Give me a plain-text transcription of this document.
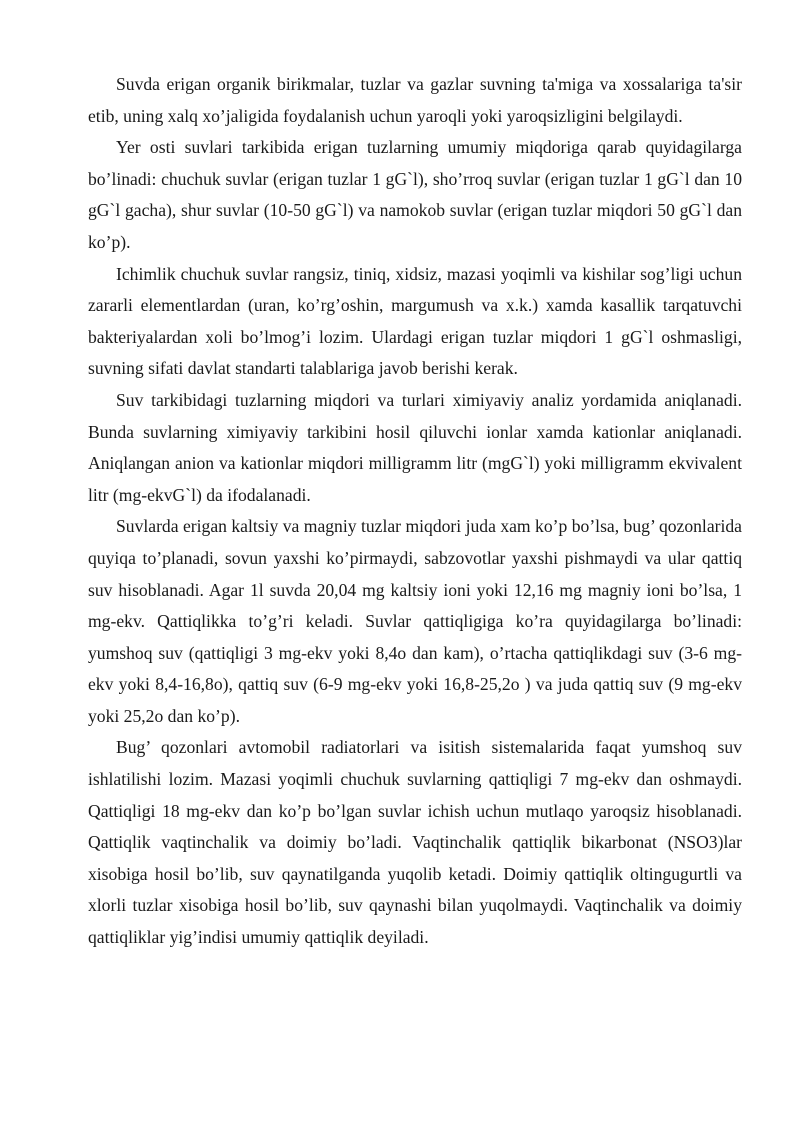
Suvda erigan organik birikmalar, tuzlar va gazlar suvning ta'miga va xossalariga ta'sir etib, uning xalq xo’jaligida foydalanish uchun yaroqli yoki yaroqsizligini belgilaydi.

Yer osti suvlari tarkibida erigan tuzlarning umumiy miqdoriga qarab quyidagilarga bo’linadi: chuchuk suvlar (erigan tuzlar 1 gG`l), sho’rroq suvlar (erigan tuzlar 1 gG`l dan 10 gG`l gacha), shur suvlar (10-50 gG`l) va namokob suvlar (erigan tuzlar miqdori 50 gG`l dan ko’p).

Ichimlik chuchuk suvlar rangsiz, tiniq, xidsiz, mazasi yoqimli va kishilar sog’ligi uchun zararli elementlardan (uran, ko’rg’oshin, margumush va x.k.) xamda kasallik tarqatuvchi bakteriyalardan xoli bo’lmog’i lozim. Ulardagi erigan tuzlar miqdori 1 gG`l oshmasligi, suvning sifati davlat standarti talablariga javob berishi kerak.

Suv tarkibidagi tuzlarning miqdori va turlari ximiyaviy analiz yordamida aniqlanadi. Bunda suvlarning ximiyaviy tarkibini hosil qiluvchi ionlar xamda kationlar aniqlanadi. Aniqlangan anion va kationlar miqdori milligramm litr (mgG`l) yoki milligramm ekvivalent litr (mg-ekvG`l) da ifodalanadi.

Suvlarda erigan kaltsiy va magniy tuzlar miqdori juda xam ko’p bo’lsa, bug’ qozonlarida quyiqa to’planadi, sovun yaxshi ko’pirmaydi, sabzovotlar yaxshi pishmaydi va ular qattiq suv hisoblanadi. Agar 1l suvda 20,04 mg kaltsiy ioni yoki 12,16 mg magniy ioni bo’lsa, 1 mg-ekv. Qattiqlikka to’g’ri keladi. Suvlar qattiqligiga ko’ra quyidagilarga bo’linadi: yumshoq suv (qattiqligi 3 mg-ekv yoki 8,4o dan kam), o’rtacha qattiqlikdagi suv (3-6 mg-ekv yoki 8,4-16,8o), qattiq suv (6-9 mg-ekv yoki 16,8-25,2o ) va juda qattiq suv (9 mg-ekv yoki 25,2o dan ko’p).

Bug’ qozonlari avtomobil radiatorlari va isitish sistemalarida faqat yumshoq suv ishlatilishi lozim. Mazasi yoqimli chuchuk suvlarning qattiqligi 7 mg-ekv dan oshmaydi. Qattiqligi 18 mg-ekv dan ko’p bo’lgan suvlar ichish uchun mutlaqo yaroqsiz hisoblanadi. Qattiqlik vaqtinchalik va doimiy bo’ladi. Vaqtinchalik qattiqlik bikarbonat (NSO3)lar xisobiga hosil bo’lib, suv qaynatilganda yuqolib ketadi. Doimiy qattiqlik oltingugurtli va xlorli tuzlar xisobiga hosil bo’lib, suv qaynashi bilan yuqolmaydi. Vaqtinchalik va doimiy qattiqliklar yig’indisi umumiy qattiqlik deyiladi.
